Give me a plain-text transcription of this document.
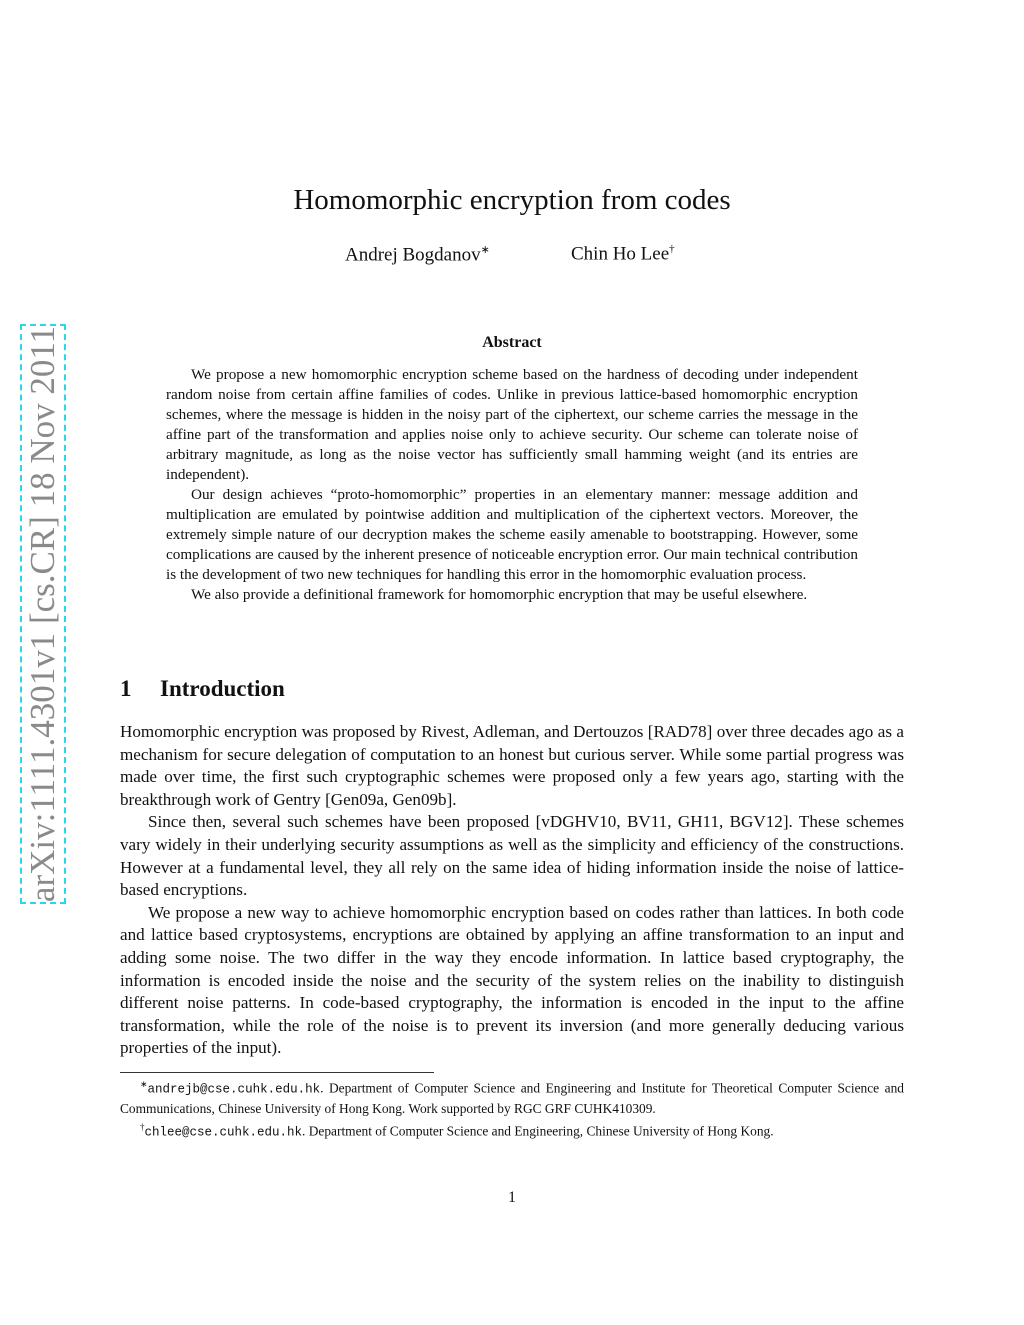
arXiv:1111.4301v1 [cs.CR] 18 Nov 2011
Homomorphic encryption from codes
Andrej Bogdanov∗	Chin Ho Lee†
Abstract

We propose a new homomorphic encryption scheme based on the hardness of decoding under independent random noise from certain affine families of codes. Unlike in previous lattice-based homomorphic encryption schemes, where the message is hidden in the noisy part of the ciphertext, our scheme carries the message in the affine part of the transformation and applies noise only to achieve security. Our scheme can tolerate noise of arbitrary magnitude, as long as the noise vector has sufficiently small hamming weight (and its entries are independent).

Our design achieves “proto-homomorphic” properties in an elementary manner: message addition and multiplication are emulated by pointwise addition and multiplication of the ciphertext vectors. Moreover, the extremely simple nature of our decryption makes the scheme easily amenable to bootstrapping. However, some complications are caused by the inherent presence of noticeable encryption error. Our main technical contribution is the development of two new techniques for handling this error in the homomorphic evaluation process.

We also provide a definitional framework for homomorphic encryption that may be useful elsewhere.

1 Introduction

Homomorphic encryption was proposed by Rivest, Adleman, and Dertouzos [RAD78] over three decades ago as a mechanism for secure delegation of computation to an honest but curious server. While some partial progress was made over time, the first such cryptographic schemes were proposed only a few years ago, starting with the breakthrough work of Gentry [Gen09a, Gen09b].

Since then, several such schemes have been proposed [vDGHV10, BV11, GH11, BGV12]. These schemes vary widely in their underlying security assumptions as well as the simplicity and efficiency of the constructions. However at a fundamental level, they all rely on the same idea of hiding information inside the noise of lattice-based encryptions.

We propose a new way to achieve homomorphic encryption based on codes rather than lattices. In both code and lattice based cryptosystems, encryptions are obtained by applying an affine transformation to an input and adding some noise. The two differ in the way they encode information. In lattice based cryptography, the information is encoded inside the noise and the security of the system relies on the inability to distinguish different noise patterns. In code-based cryptography, the information is encoded in the input to the affine transformation, while the role of the noise is to prevent its inversion (and more generally deducing various properties of the input).

∗andrejb@cse.cuhk.edu.hk. Department of Computer Science and Engineering and Institute for Theoretical Computer Science and Communications, Chinese University of Hong Kong. Work supported by RGC GRF CUHK410309.

†chlee@cse.cuhk.edu.hk. Department of Computer Science and Engineering, Chinese University of Hong Kong.

1
